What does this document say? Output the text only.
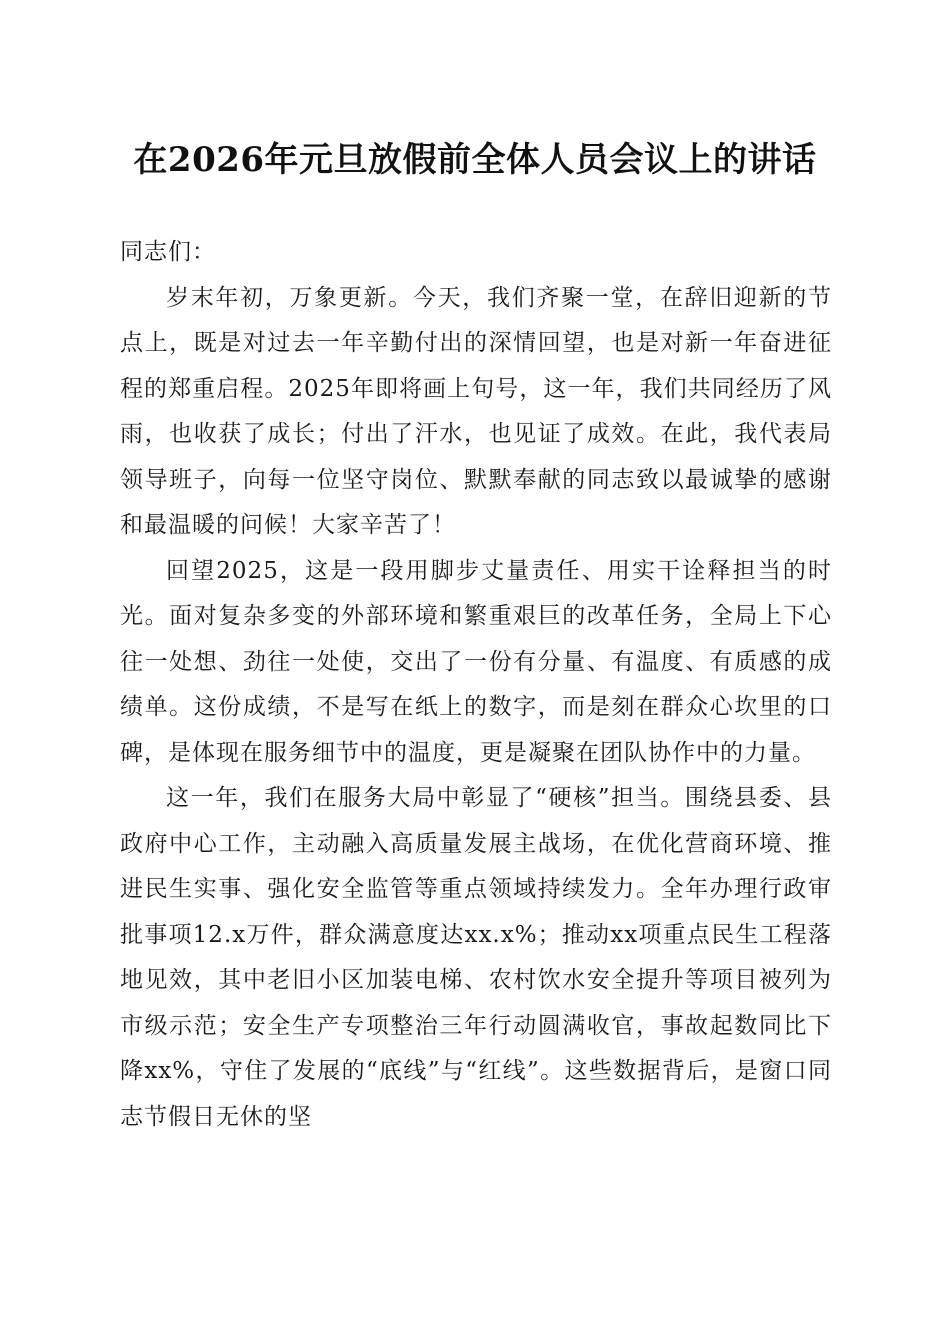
在2026年元旦放假前全体人员会议上的讲话

同志们：

岁末年初，万象更新。今天，我们齐聚一堂，在辞旧迎新的节点上，既是对过去一年辛勤付出的深情回望，也是对新一年奋进征程的郑重启程。2025年即将画上句号，这一年，我们共同经历了风雨，也收获了成长；付出了汗水，也见证了成效。在此，我代表局领导班子，向每一位坚守岗位、默默奉献的同志致以最诚挚的感谢和最温暖的问候！大家辛苦了！

回望2025，这是一段用脚步丈量责任、用实干诠释担当的时光。面对复杂多变的外部环境和繁重艰巨的改革任务，全局上下心往一处想、劲往一处使，交出了一份有分量、有温度、有质感的成绩单。这份成绩，不是写在纸上的数字，而是刻在群众心坎里的口碑，是体现在服务细节中的温度，更是凝聚在团队协作中的力量。

这一年，我们在服务大局中彰显了“硬核”担当。围绕县委、县政府中心工作，主动融入高质量发展主战场，在优化营商环境、推进民生实事、强化安全监管等重点领域持续发力。全年办理行政审批事项12.x万件，群众满意度达xx.x%；推动xx项重点民生工程落地见效，其中老旧小区加装电梯、农村饮水安全提升等项目被列为市级示范；安全生产专项整治三年行动圆满收官，事故起数同比下降xx%，守住了发展的“底线”与“红线”。这些数据背后，是窗口同志节假日无休的坚
